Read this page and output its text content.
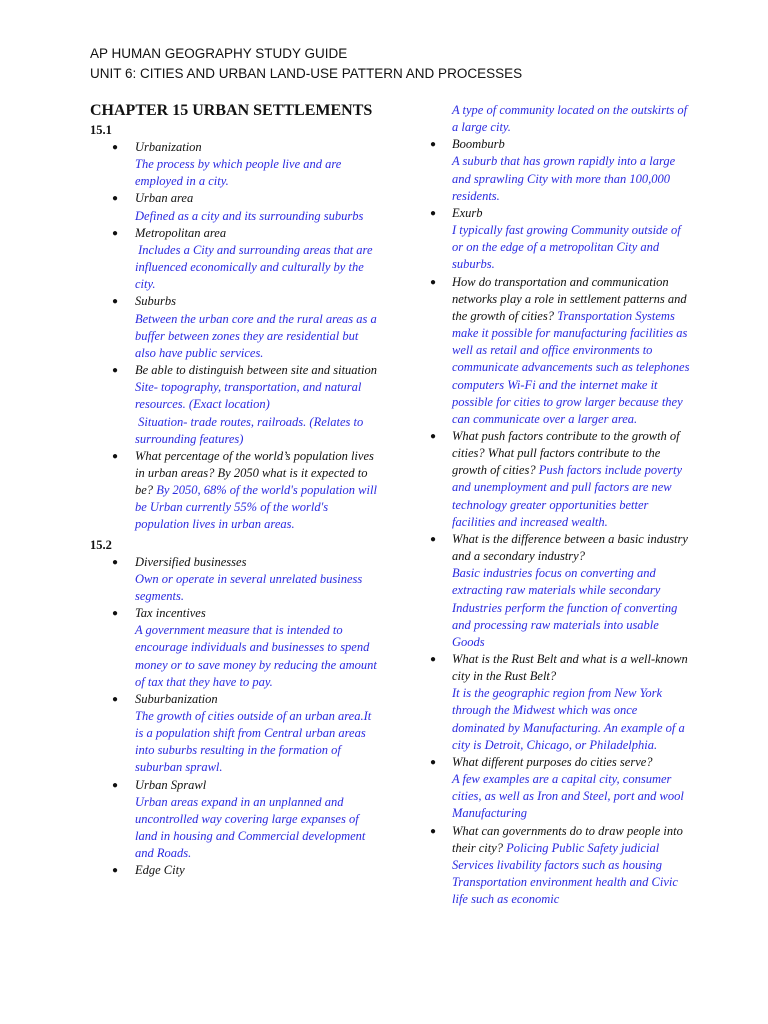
AP HUMAN GEOGRAPHY STUDY GUIDE
UNIT 6: CITIES AND URBAN LAND-USE PATTERN AND PROCESSES
CHAPTER 15 URBAN SETTLEMENTS
15.1
● Urbanization
The process by which people live and are employed in a city.
● Urban area
Defined as a city and its surrounding suburbs
● Metropolitan area
Includes a City and surrounding areas that are influenced economically and culturally by the city.
● Suburbs
Between the urban core and the rural areas as a buffer between zones they are residential but also have public services.
● Be able to distinguish between site and situation
Site- topography, transportation, and natural resources. (Exact location)
Situation- trade routes, railroads. (Relates to surrounding features)
● What percentage of the world’s population lives in urban areas? By 2050 what is it expected to be? By 2050, 68% of the world's population will be Urban currently 55% of the world's population lives in urban areas.
15.2
● Diversified businesses
Own or operate in several unrelated business segments.
● Tax incentives
A government measure that is intended to encourage individuals and businesses to spend money or to save money by reducing the amount of tax that they have to pay.
● Suburbanization
The growth of cities outside of an urban area.It is a population shift from Central urban areas into suburbs resulting in the formation of suburban sprawl.
● Urban Sprawl
Urban areas expand in an unplanned and uncontrolled way covering large expanses of land in housing and Commercial development and Roads.
● Edge City
A type of community located on the outskirts of a large city.
● Boomburb
A suburb that has grown rapidly into a large and sprawling City with more than 100,000 residents.
● Exurb
I typically fast growing Community outside of or on the edge of a metropolitan City and suburbs.
● How do transportation and communication networks play a role in settlement patterns and the growth of cities? Transportation Systems make it possible for manufacturing facilities as well as retail and office environments to communicate advancements such as telephones computers Wi-Fi and the internet make it possible for cities to grow larger because they can communicate over a larger area.
● What push factors contribute to the growth of cities? What pull factors contribute to the growth of cities? Push factors include poverty and unemployment and pull factors are new technology greater opportunities better facilities and increased wealth.
● What is the difference between a basic industry and a secondary industry?
Basic industries focus on converting and extracting raw materials while secondary Industries perform the function of converting and processing raw materials into usable Goods
● What is the Rust Belt and what is a well-known city in the Rust Belt?
It is the geographic region from New York through the Midwest which was once dominated by Manufacturing. An example of a city is Detroit, Chicago, or Philadelphia.
● What different purposes do cities serve?
A few examples are a capital city, consumer cities, as well as Iron and Steel, port and wool Manufacturing
● What can governments do to draw people into their city? Policing Public Safety judicial Services livability factors such as housing Transportation environment health and Civic life such as economic
